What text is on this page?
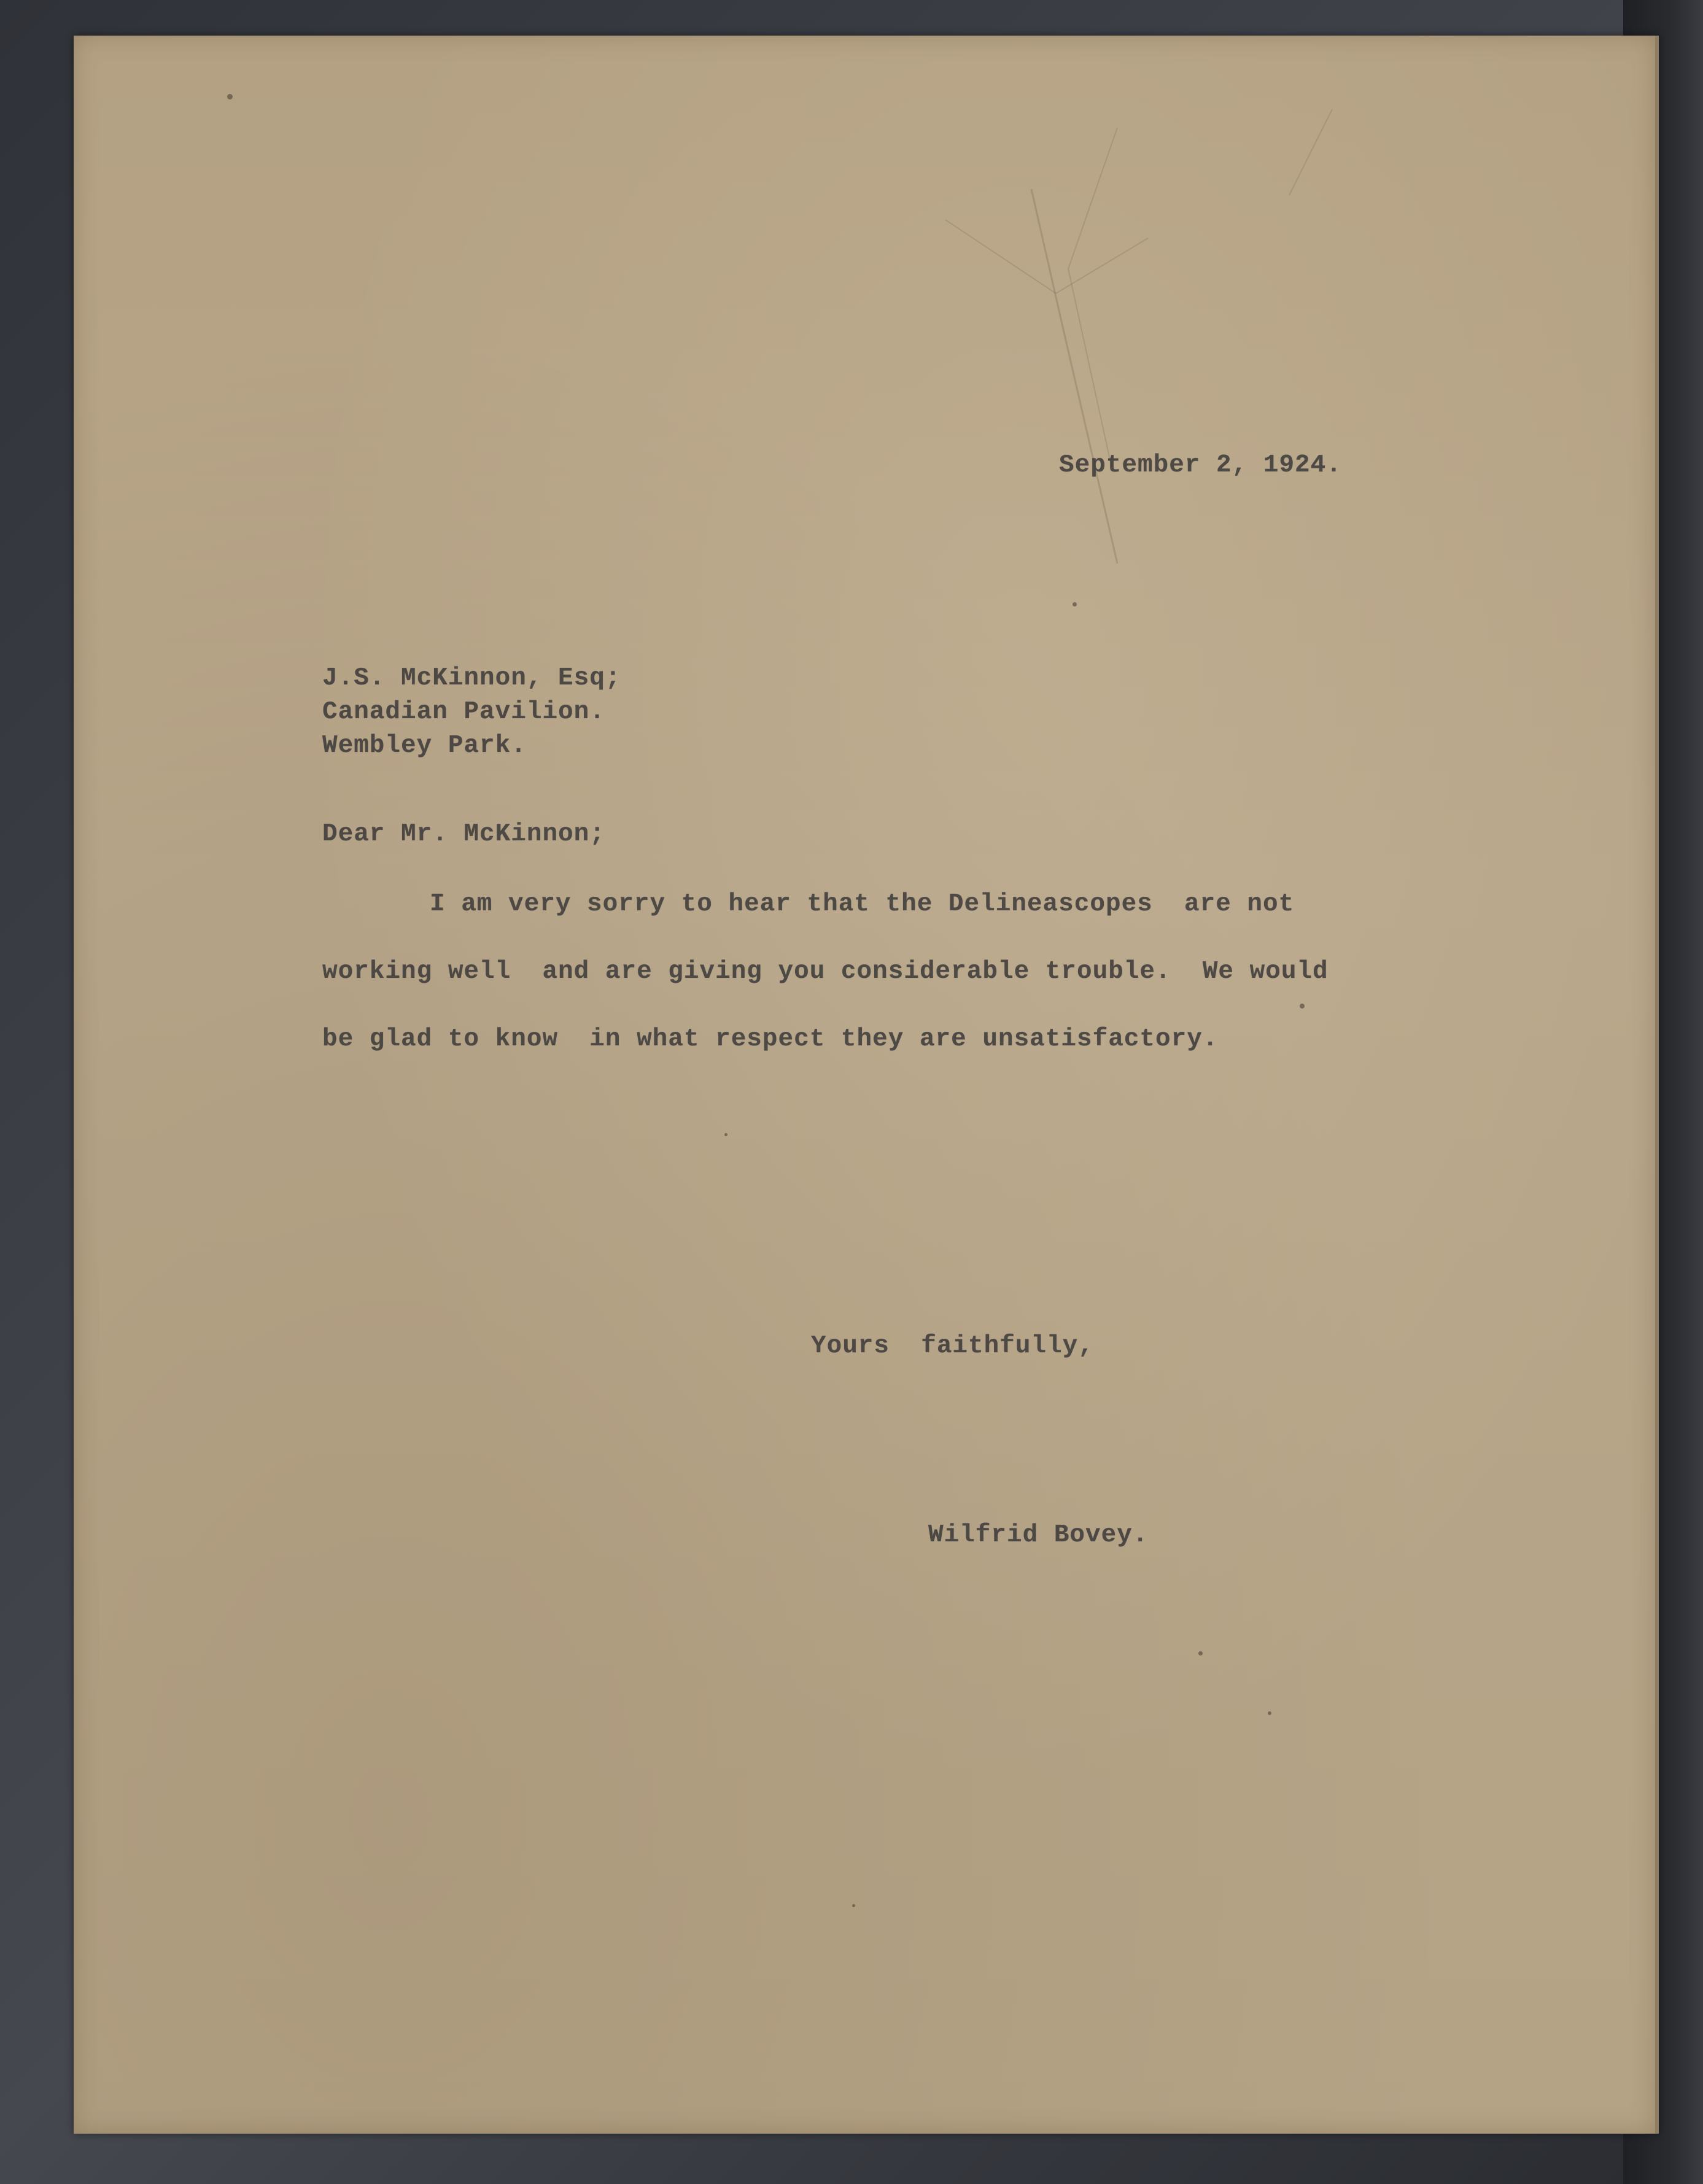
September 2, 1924.
J.S. McKinnon, Esq;
Canadian Pavilion.
Wembley Park.
Dear Mr. McKinnon;
I am very sorry to hear that the Delineascopes  are not
working well  and are giving you considerable trouble.  We would
be glad to know  in what respect they are unsatisfactory.
Yours  faithfully,
Wilfrid Bovey.
